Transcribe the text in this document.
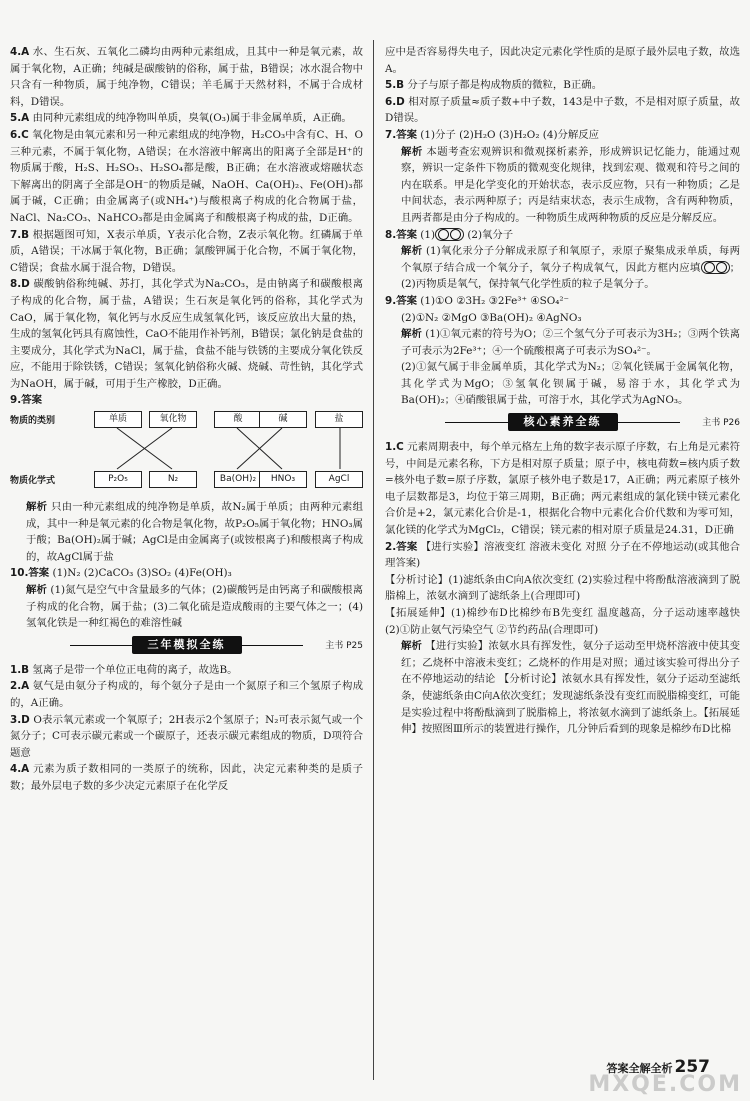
4.A 水、生石灰、五氧化二磷均由两种元素组成，且其中一种是氧元素，故属于氧化物，A正确；纯碱是碳酸钠的俗称，属于盐，B错误；冰水混合物中只含有一种物质，属于纯净物，C错误；羊毛属于天然材料，不属于合成材料，D错误。

5.A 由同种元素组成的纯净物叫单质，臭氧(O₃)属于非金属单质，A正确。

6.C 氧化物是由氧元素和另一种元素组成的纯净物，H₂CO₃中含有C、H、O三种元素，不属于氧化物，A错误；在水溶液中解离出的阳离子全部是H⁺的物质属于酸，H₂S、H₂SO₃、H₂SO₄都是酸，B正确；在水溶液或熔融状态下解离出的阴离子全部是OH⁻的物质是碱，NaOH、Ca(OH)₂、Fe(OH)₃都属于碱，C正确；由金属离子(或NH₄⁺)与酸根离子构成的化合物属于盐，NaCl、Na₂CO₃、NaHCO₃都是由金属离子和酸根离子构成的盐，D正确。

7.B 根据题图可知，X表示单质，Y表示化合物，Z表示氧化物。红磷属于单质，A错误；干冰属于氧化物，B正确；氯酸钾属于化合物，不属于氧化物，C错误；食盐水属于混合物，D错误。

8.D 碳酸钠俗称纯碱、苏打，其化学式为Na₂CO₃，是由钠离子和碳酸根离子构成的化合物，属于盐，A错误；生石灰是氧化钙的俗称，其化学式为CaO，属于氧化物，氧化钙与水反应生成氢氧化钙，该反应放出大量的热，生成的氢氧化钙具有腐蚀性，CaO不能用作补钙剂，B错误；氯化钠是食盐的主要成分，其化学式为NaCl，属于盐，食盐不能与铁锈的主要成分氧化铁反应，不能用于除铁锈，C错误；氢氧化钠俗称火碱、烧碱、苛性钠，其化学式为NaOH，属于碱，可用于生产橡胶，D正确。

9.答案

物质的类别
物质化学式
单质	氧化物	酸	碱	盐
P₂O₅	N₂	Ba(OH)₂	HNO₃	AgCl

解析 只由一种元素组成的纯净物是单质，故N₂属于单质；由两种元素组成，其中一种是氧元素的化合物是氧化物，故P₂O₅属于氧化物；HNO₃属于酸；Ba(OH)₂属于碱；AgCl是由金属离子(或铵根离子)和酸根离子构成的，故AgCl属于盐

10.答案 (1)N₂ (2)CaCO₃ (3)SO₂ (4)Fe(OH)₃

解析 (1)氮气是空气中含量最多的气体；(2)碳酸钙是由钙离子和碳酸根离子构成的化合物，属于盐；(3)二氧化硫是造成酸雨的主要气体之一；(4)氢氧化铁是一种红褐色的难溶性碱

三年模拟全练	主书 P25

1.B 氢离子是带一个单位正电荷的离子，故选B。

2.A 氨气是由氨分子构成的，每个氨分子是由一个氮原子和三个氢原子构成的，A正确。

3.D O表示氧元素或一个氧原子；2H表示2个氢原子；N₂可表示氮气或一个氮分子；C可表示碳元素或一个碳原子，还表示碳元素组成的物质，D项符合题意

4.A 元素为质子数相同的一类原子的统称，因此，决定元素种类的是质子数；最外层电子数的多少决定元素原子在化学反

应中是否容易得失电子，因此决定元素化学性质的是原子最外层电子数，故选A。

5.B 分子与原子都是构成物质的微粒，B正确。

6.D 相对原子质量≈质子数+中子数，143是中子数，不是相对原子质量，故D错误。

7.答案 (1)分子 (2)H₂O (3)H₂O₂ (4)分解反应

解析 本题考查宏观辨识和微观探析素养，形成辨识记忆能力，能通过观察，辨识一定条件下物质的微观变化规律，找到宏观、微观和符号之间的内在联系。甲是化学变化的开始状态，表示反应物，只有一种物质；乙是中间状态，表示两种原子；丙是结束状态，表示生成物，含有两种物质，且两者都是由分子构成的。一种物质生成两种物质的反应是分解反应。

8.答案 (1)	(2)氧分子

解析 (1)氧化汞分子分解成汞原子和氧原子，汞原子聚集成汞单质，每两个氧原子结合成一个氧分子，氧分子构成氧气，因此方框内应填	；(2)丙物质是氧气，保持氧气化学性质的粒子是氧分子。

9.答案 (1)①O ②3H₂ ③2Fe³⁺ ④SO₄²⁻

(2)①N₂ ②MgO ③Ba(OH)₂ ④AgNO₃

解析 (1)①氧元素的符号为O；②三个氢气分子可表示为3H₂；③两个铁离子可表示为2Fe³⁺；④一个硫酸根离子可表示为SO₄²⁻。

(2)①氮气属于非金属单质，其化学式为N₂；②氧化镁属于金属氧化物，其化学式为MgO；③氢氧化钡属于碱，易溶于水，其化学式为Ba(OH)₂；④硝酸银属于盐，可溶于水，其化学式为AgNO₃。

核心素养全练	主书 P26

1.C 元素周期表中，每个单元格左上角的数字表示原子序数，右上角是元素符号，中间是元素名称，下方是相对原子质量；原子中，核电荷数=核内质子数=核外电子数=原子序数，氯原子核外电子数是17，A正确；两元素原子核外电子层数都是3，均位于第三周期，B正确；两元素组成的氯化镁中镁元素化合价是+2，氯元素化合价是-1，根据化合物中元素化合价代数和为零可知，氯化镁的化学式为MgCl₂，C错误；镁元素的相对原子质量是24.31，D正确

2.答案 【进行实验】溶液变红 溶液未变化 对照 分子在不停地运动(或其他合理答案)

【分析讨论】(1)滤纸条由C向A依次变红 (2)实验过程中将酚酞溶液滴到了脱脂棉上，浓氨水滴到了滤纸条上(合理即可)

【拓展延伸】(1)棉纱布D比棉纱布B先变红 温度越高，分子运动速率越快 (2)①防止氨气污染空气 ②节约药品(合理即可)

解析 【进行实验】浓氨水具有挥发性，氨分子运动至甲烧杯溶液中使其变红；乙烧杯中溶液未变红；乙烧杯的作用是对照；通过该实验可得出分子在不停地运动的结论 【分析讨论】浓氨水具有挥发性，氨分子运动至滤纸条，使滤纸条由C向A依次变红；发现滤纸条没有变红而脱脂棉变红，可能是实验过程中将酚酞滴到了脱脂棉上，将浓氨水滴到了滤纸条上。【拓展延伸】按照图Ⅲ所示的装置进行操作，几分钟后看到的现象是棉纱布D比棉

答案全解全析 257
MXQE.COM
